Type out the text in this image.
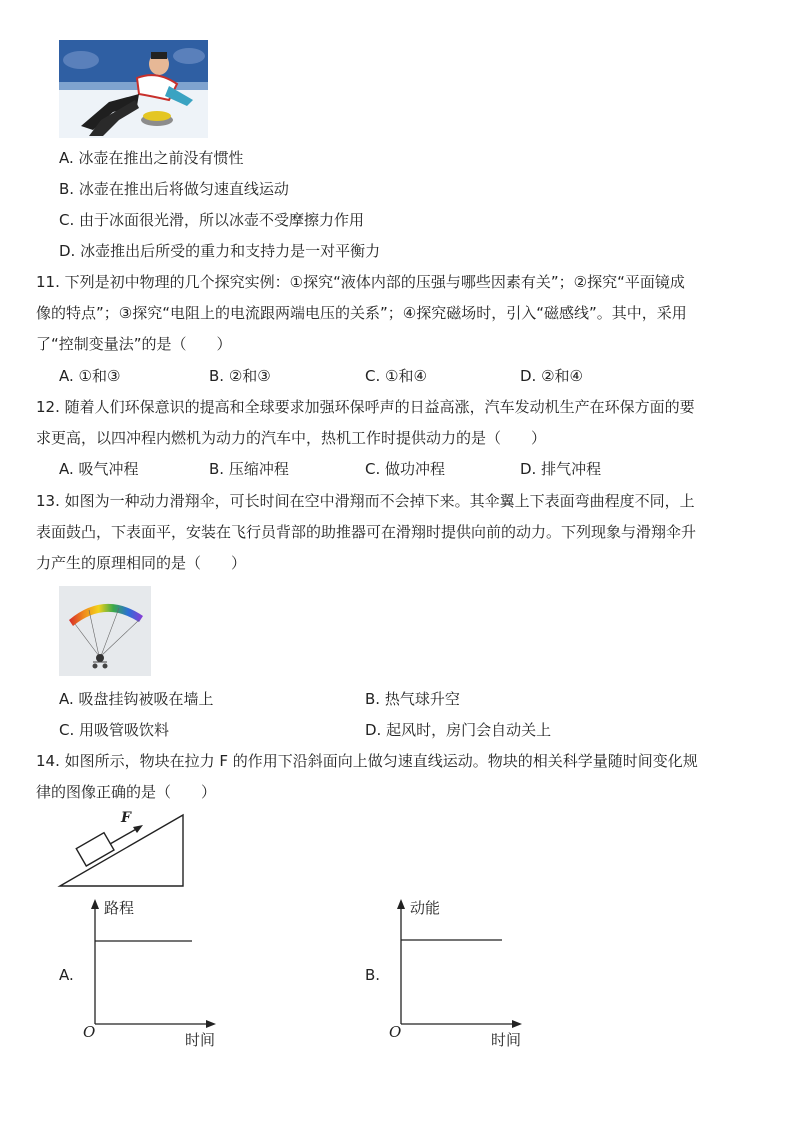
A. 冰壶在推出之前没有惯性
B. 冰壶在推出后将做匀速直线运动
C. 由于冰面很光滑，所以冰壶不受摩擦力作用
D. 冰壶推出后所受的重力和支持力是一对平衡力
11. 下列是初中物理的几个探究实例：①探究“液体内部的压强与哪些因素有关”；②探究“平面镜成
像的特点”；③探究“电阻上的电流跟两端电压的关系”；④探究磁场时，引入“磁感线”。其中，采用
了“控制变量法”的是（　　）
A. ①和③	B. ②和③	C. ①和④	D. ②和④
12. 随着人们环保意识的提高和全球要求加强环保呼声的日益高涨，汽车发动机生产在环保方面的要
求更高，以四冲程内燃机为动力的汽车中，热机工作时提供动力的是（　　）
A. 吸气冲程	B. 压缩冲程	C. 做功冲程	D. 排气冲程
13. 如图为一种动力滑翔伞，可长时间在空中滑翔而不会掉下来。其伞翼上下表面弯曲程度不同，上
表面鼓凸，下表面平，安装在飞行员背部的助推器可在滑翔时提供向前的动力。下列现象与滑翔伞升
力产生的原理相同的是（　　）
A. 吸盘挂钩被吸在墙上	B. 热气球升空
C. 用吸管吸饮料	D. 起风时，房门会自动关上
14. 如图所示，物块在拉力 F 的作用下沿斜面向上做匀速直线运动。物块的相关科学量随时间变化规
律的图像正确的是（　　）
F
A.
路程
时间
O
B.
动能
时间
O
